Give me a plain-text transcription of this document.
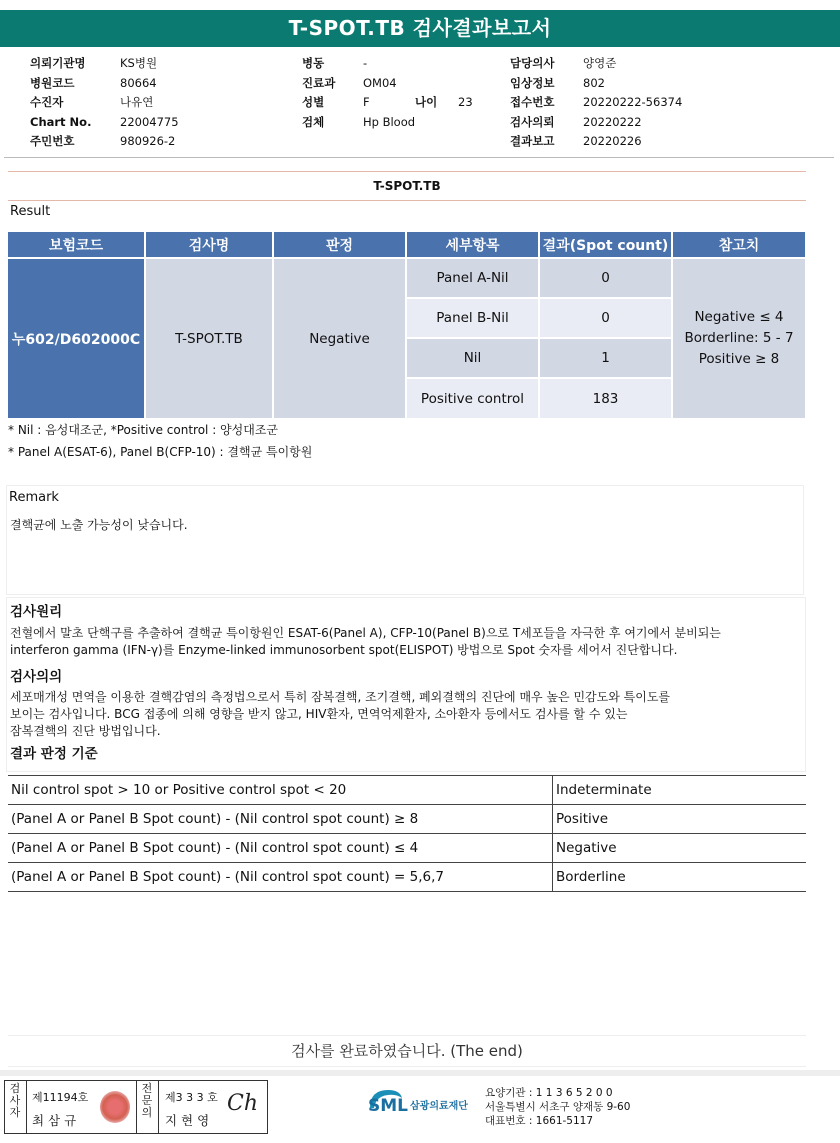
T-SPOT.TB 검사결과보고서
의뢰기관명	KS병원
병원코드	80664
수진자	나유연
Chart No. 22004775
주민번호	980926-2
병동	-
진료과 OM04
성별	F	나이 23
검체	Hp Blood
담당의사 양영준
임상정보 802
접수번호 20220222-56374
검사의뢰 20220222
결과보고 20220226
T-SPOT.TB
Result
보험코드	검사명	판정	세부항목	결과(Spot count)	참고치
누602/D602000C	T-SPOT.TB	Negative
Panel A-Nil	0
Panel B-Nil	0
Nil	1
Positive control	183
Negative ≤ 4
Borderline: 5 - 7
Positive ≥ 8
* Nil : 음성대조군, *Positive control : 양성대조군
* Panel A(ESAT-6), Panel B(CFP-10) : 결핵균 특이항원
Remark
결핵균에 노출 가능성이 낮습니다.
검사원리
전혈에서 말초 단핵구를 추출하여 결핵균 특이항원인 ESAT-6(Panel A), CFP-10(Panel B)으로 T세포들을 자극한 후 여기에서 분비되는
interferon gamma (IFN-γ)를 Enzyme-linked immunosorbent spot(ELISPOT) 방법으로 Spot 숫자를 세어서 진단합니다.
검사의의
세포매개성 면역을 이용한 결핵감염의 측정법으로서 특히 잠복결핵, 조기결핵, 폐외결핵의 진단에 매우 높은 민감도와 특이도를
보이는 검사입니다. BCG 접종에 의해 영향을 받지 않고, HIV환자, 면역억제환자, 소아환자 등에서도 검사를 할 수 있는
잠복결핵의 진단 방법입니다.
결과 판정 기준
Nil control spot > 10 or Positive control spot < 20	Indeterminate
(Panel A or Panel B Spot count) - (Nil control spot count) ≥ 8	Positive
(Panel A or Panel B Spot count) - (Nil control spot count) ≤ 4	Negative
(Panel A or Panel B Spot count) - (Nil control spot count) = 5,6,7	Borderline
검사를 완료하였습니다. (The end)
검사자
제11194호
최 삼 규
전문의
제3 3 3 호
지 현 영
Ch	SML 삼광의료재단
요양기관 : 1 1 3 6 5 2 0 0
서울특별시 서초구 양재동 9-60
대표번호 : 1661-5117
